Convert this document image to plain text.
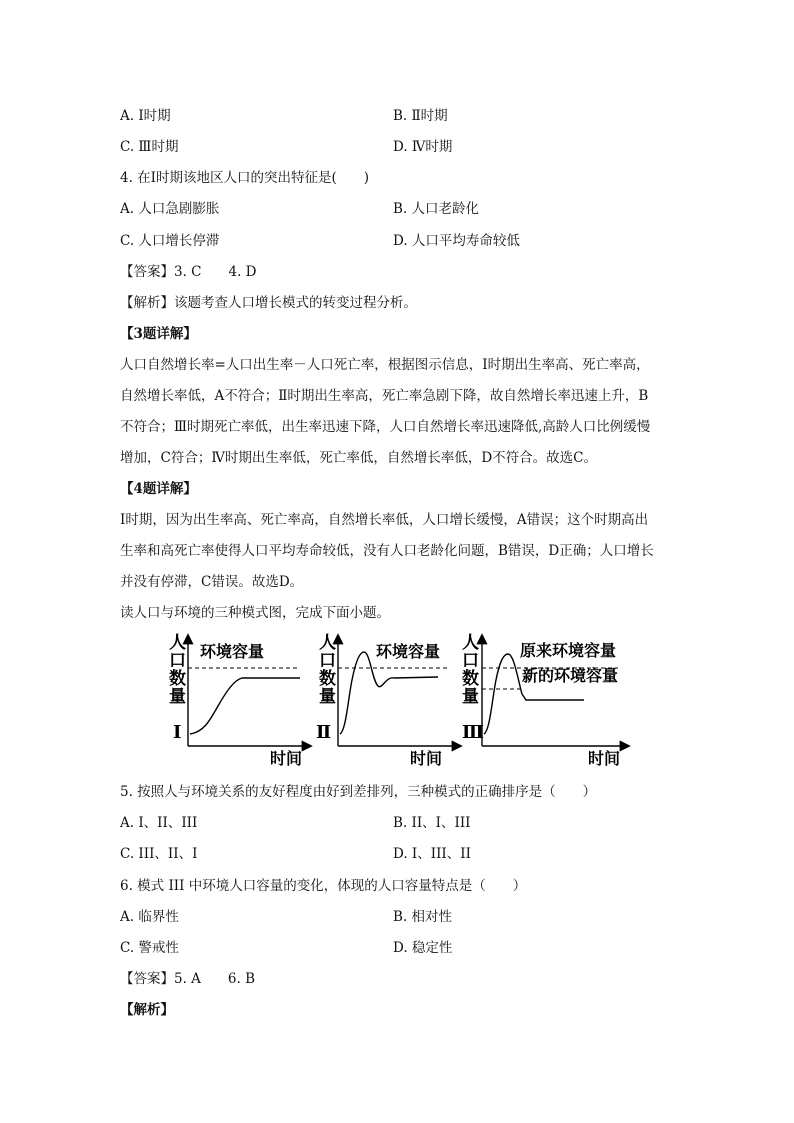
A. Ⅰ时期	B. Ⅱ时期
C. Ⅲ时期	D. Ⅳ时期
4. 在Ⅰ时期该地区人口的突出特征是(　　)
A. 人口急剧膨胀	B. 人口老龄化
C. 人口增长停滞	D. 人口平均寿命较低
【答案】3. C　　4. D
【解析】该题考查人口增长模式的转变过程分析。
【3题详解】
人口自然增长率=人口出生率－人口死亡率，根据图示信息，Ⅰ时期出生率高、死亡率高，
自然增长率低，A不符合；Ⅱ时期出生率高，死亡率急剧下降，故自然增长率迅速上升，B
不符合；Ⅲ时期死亡率低，出生率迅速下降，人口自然增长率迅速降低,高龄人口比例缓慢
增加，C符合；Ⅳ时期出生率低，死亡率低，自然增长率低，D不符合。故选C。
【4题详解】
Ⅰ时期，因为出生率高、死亡率高，自然增长率低，人口增长缓慢，A错误；这个时期高出
生率和高死亡率使得人口平均寿命较低，没有人口老龄化问题，B错误，D正确；人口增长
并没有停滞，C错误。故选D。
读人口与环境的三种模式图，完成下面小题。
人
口
数
量
Ⅰ
时间
环境容量	人
口
数
量
Ⅱ
时间
环境容量 人
口
数
量
Ⅲ
时间
原来环境容量
新的环境容量
5. 按照人与环境关系的友好程度由好到差排列，三种模式的正确排序是（　　）
A. I、II、III	B. II、I、III
C. III、II、I	D. I、III、II
6. 模式 III 中环境人口容量的变化，体现的人口容量特点是（　　）
A. 临界性	B. 相对性
C. 警戒性	D. 稳定性
【答案】5. A　　6. B
【解析】
